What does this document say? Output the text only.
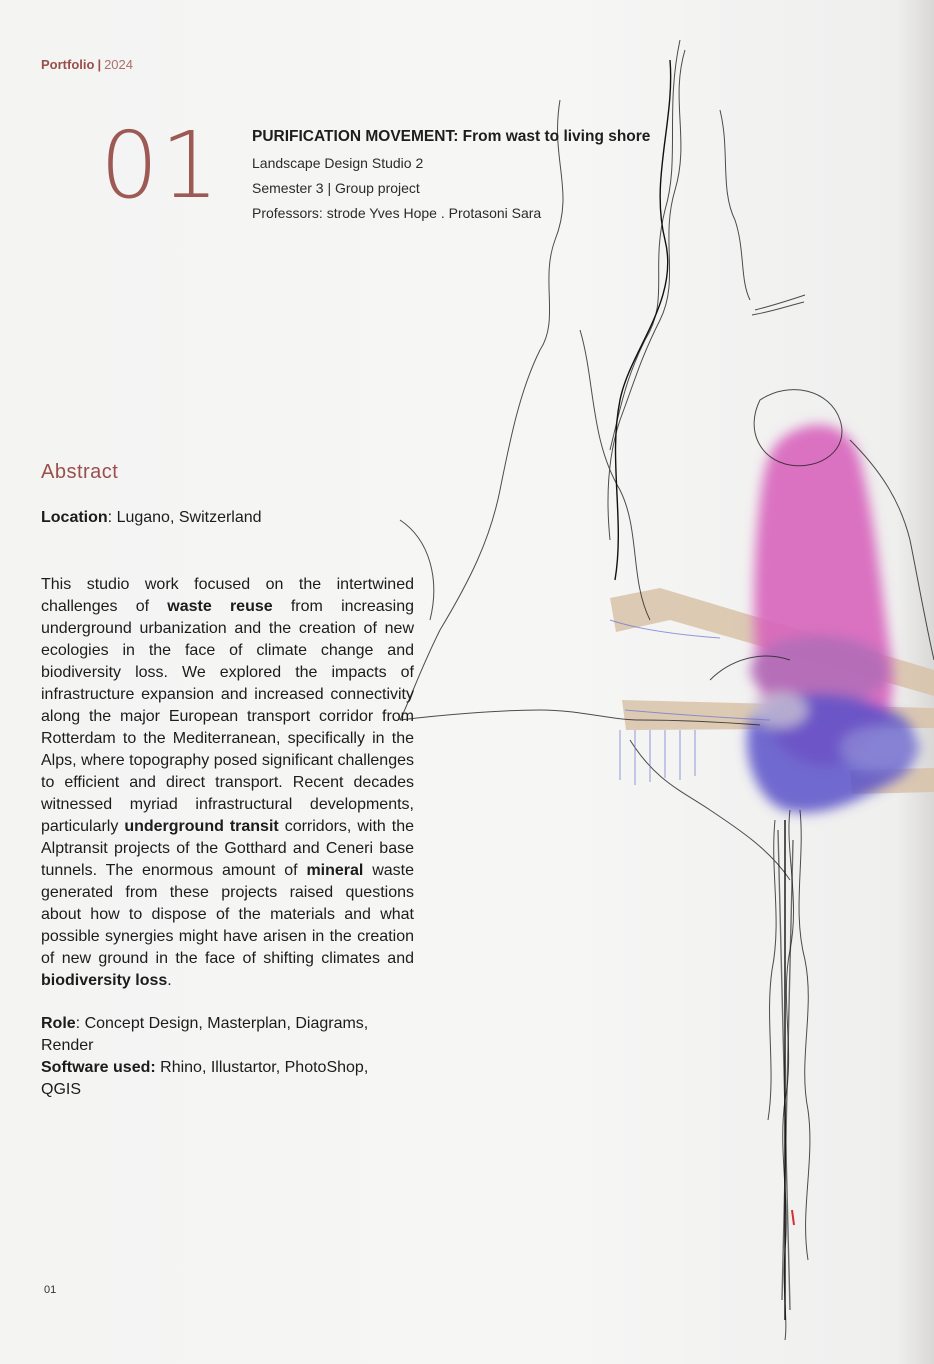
Portfolio | 2024
01 PURIFICATION MOVEMENT: From wast to living shore
Landscape Design Studio 2
Semester 3 | Group project
Professors: strode Yves Hope . Protasoni Sara
Abstract
Location: Lugano, Switzerland
This studio work focused on the intertwined challenges of waste reuse from increasing underground urbanization and the creation of new ecologies in the face of climate change and biodiversity loss. We explored the impacts of infrastructure expansion and increased connectivity along the major European transport corridor from Rotterdam to the Mediterranean, specifically in the Alps, where topography posed significant challenges to efficient and direct transport. Recent decades witnessed myriad infrastructural developments, particularly underground transit corridors, with the Alptransit projects of the Gotthard and Ceneri base tunnels. The enormous amount of mineral waste generated from these projects raised questions about how to dispose of the materials and what possible synergies might have arisen in the creation of new ground in the face of shifting climates and biodiversity loss.
Role: Concept Design, Masterplan, Diagrams, Render
Software used: Rhino, Illustartor, PhotoShop, QGIS
01
